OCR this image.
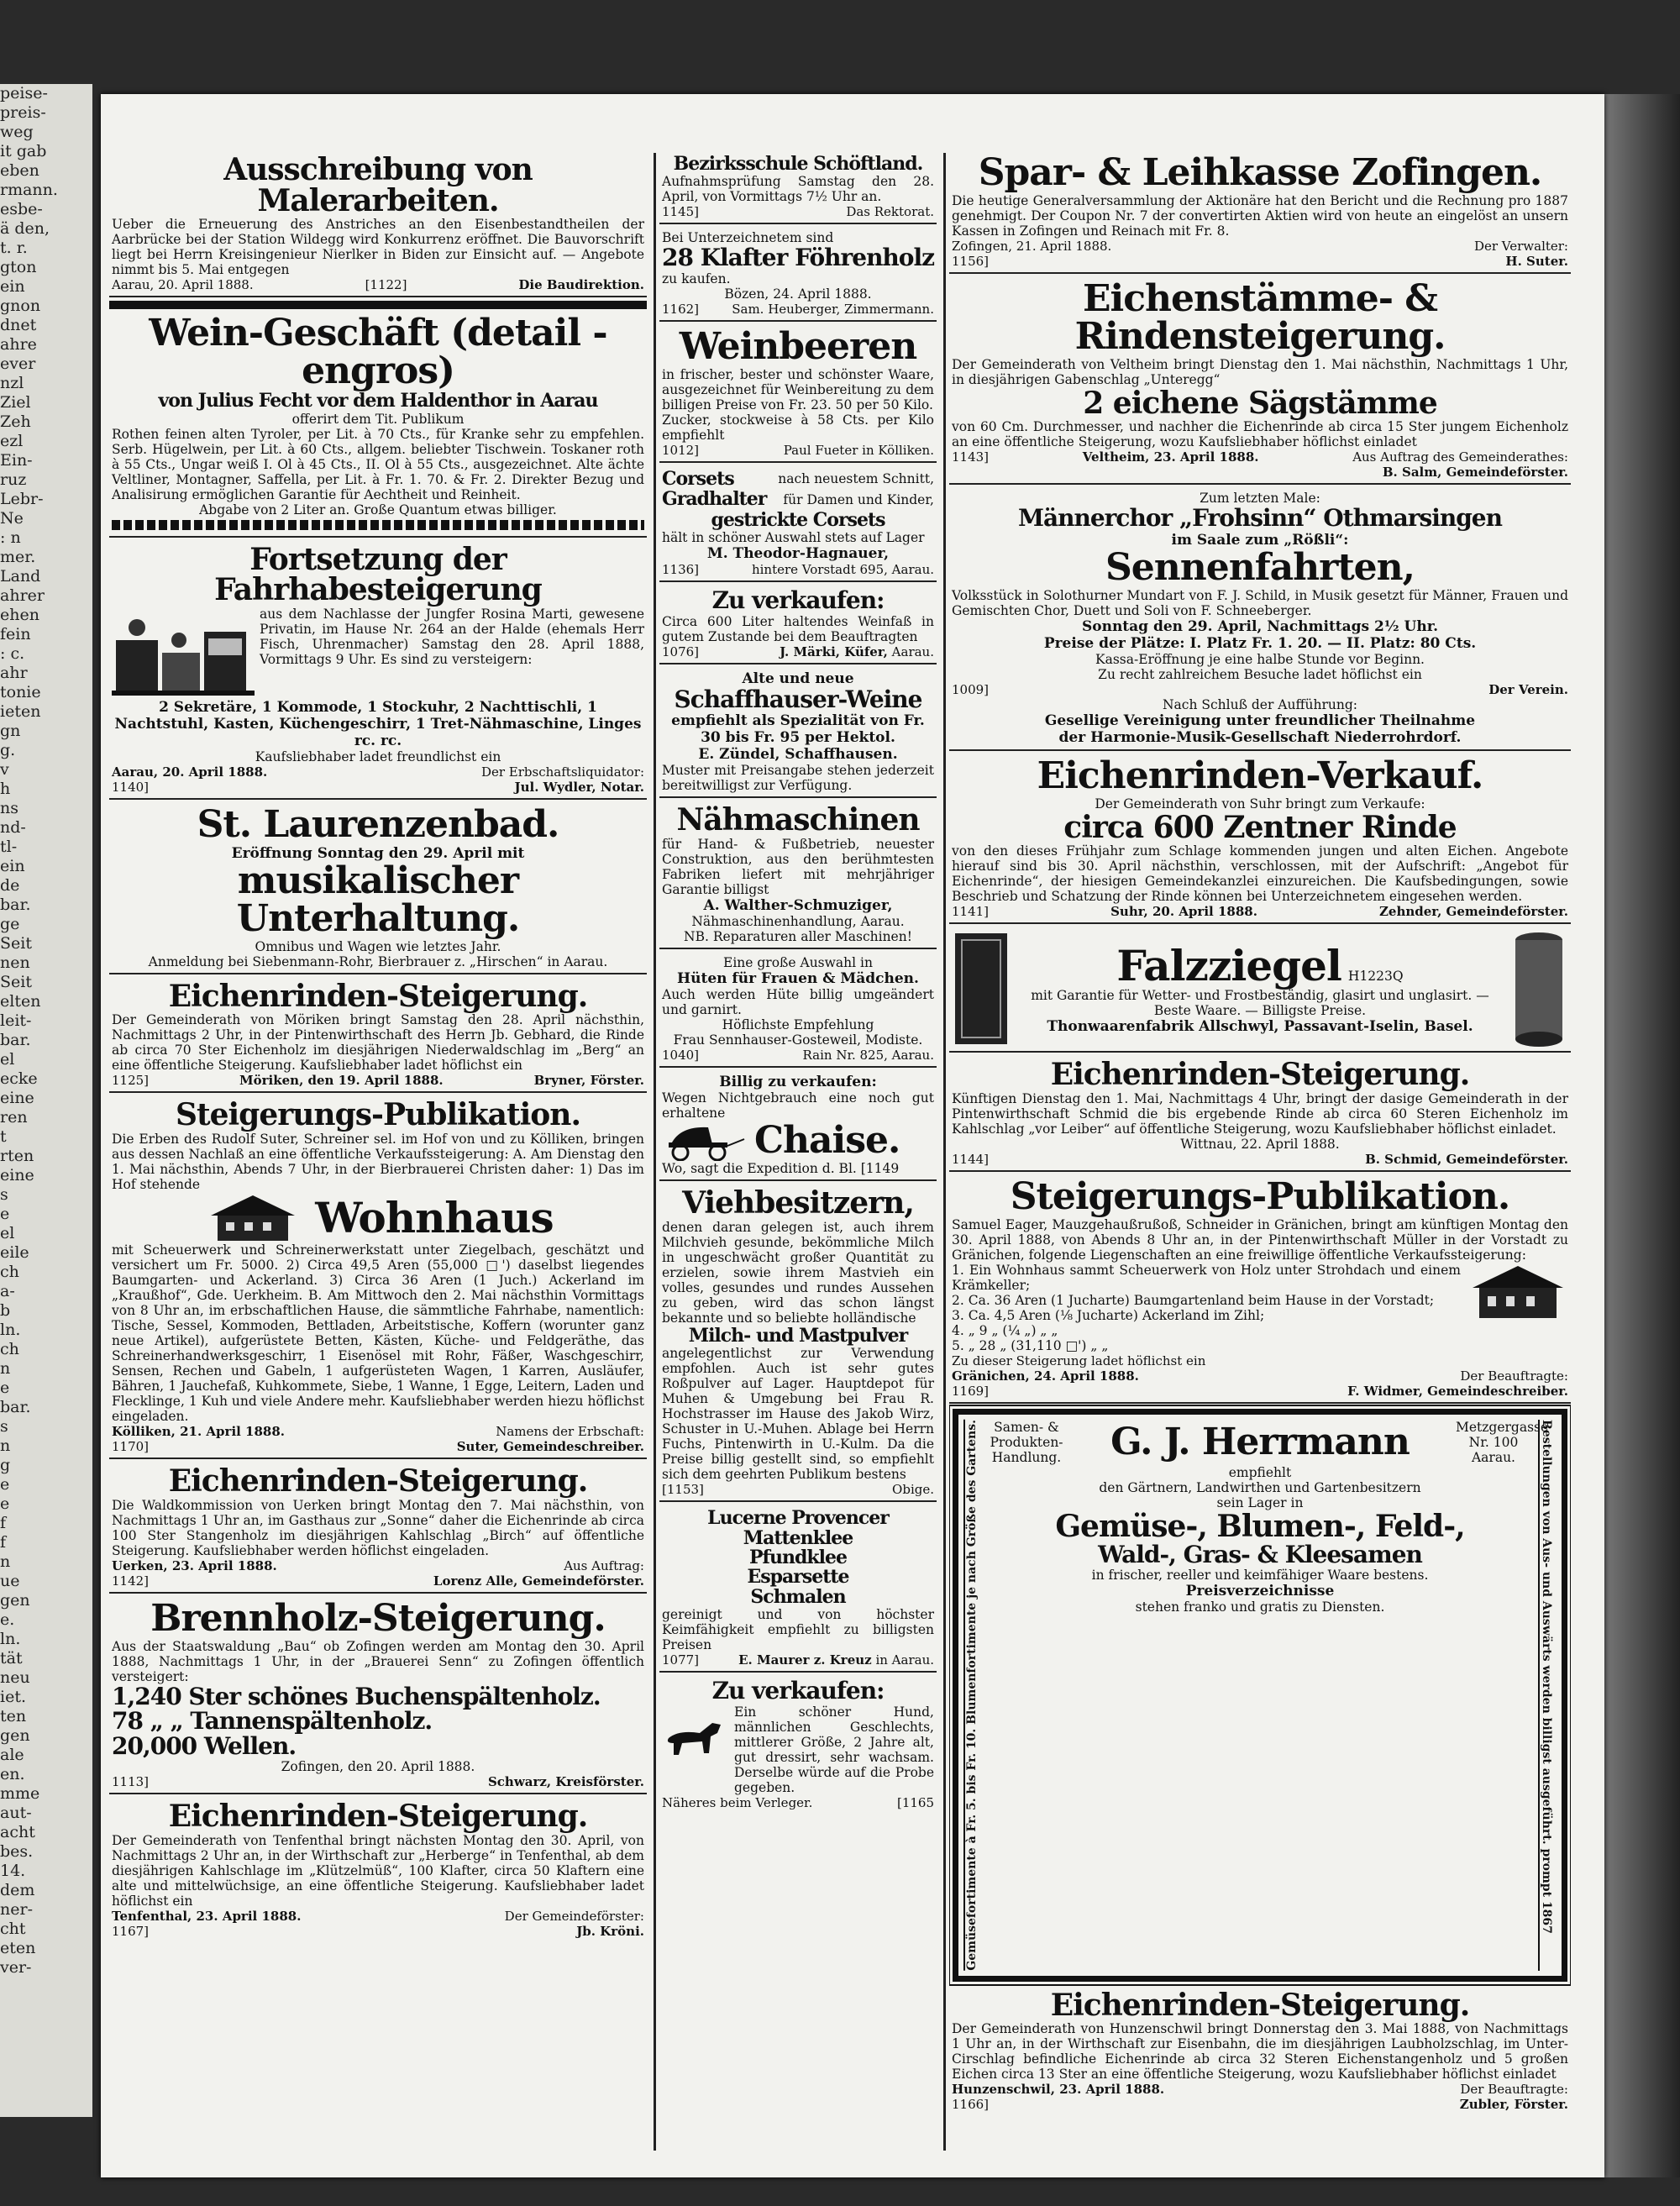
peise-
preis-
weg
it gab
eben
rmann.
esbe-
ä den,
t. r.
gton
ein
gnon
dnet
ahre
ever
nzl
Ziel
Zeh
ezl
Ein-
ruz
Lebr-
Ne
: n
mer.
Land
ahrer
ehen
fein
: c.
ahr
tonie
ieten
gn
g.
v
h
ns
nd-
tl-
ein
de
bar.
ge
Seit
nen
Seit
elten
leit-
bar.
el
ecke
eine
ren
t
rten
eine
s
e
el
eile
ch
a-
b
ln.
ch
n
e
bar.
s
n
g
e
e
f
f
n
ue
gen
e.
ln.
tät
neu
iet.
ten
gen
ale
en.
mme
aut-
acht
bes.
14.
dem
ner-
cht
eten
ver-
Ausschreibung von Malerarbeiten.
Ueber die Erneuerung des Anstriches an den Eisenbestandtheilen der Aarbrücke bei der Station Wildegg wird Konkurrenz eröffnet. Die Bauvorschrift liegt bei Herrn Kreisingenieur Nierlker in Biden zur Einsicht auf. — Angebote nimmt bis 5. Mai entgegen
Aarau, 20. April 1888.	[1122]	Die Baudirektion.
Wein-Geschäft (detail - engros)
von Julius Fecht vor dem Haldenthor in Aarau
offerirt dem Tit. Publikum
Rothen feinen alten Tyroler, per Lit. à 70 Cts., für Kranke sehr zu empfehlen. Serb. Hügelwein, per Lit. à 60 Cts., allgem. beliebter Tischwein. Toskaner roth à 55 Cts., Ungar weiß I. Ol à 45 Cts., II. Ol à 55 Cts., ausgezeichnet. Alte ächte Veltliner, Montagner, Saffella, per Lit. à Fr. 1. 70. & Fr. 2. Direkter Bezug und Analisirung ermöglichen Garantie für Aechtheit und Reinheit.
Abgabe von 2 Liter an. Große Quantum etwas billiger.
Fortsetzung der Fahrhabesteigerung
aus dem Nachlasse der Jungfer Rosina Marti, gewesene Privatin, im Hause Nr. 264 an der Halde (ehemals Herr Fisch, Uhrenmacher) Samstag den 28. April 1888, Vormittags 9 Uhr. Es sind zu versteigern:
2 Sekretäre, 1 Kommode, 1 Stockuhr, 2 Nachttischli, 1 Nachtstuhl, Kasten, Küchengeschirr, 1 Tret-Nähmaschine, Linges rc. rc.
Kaufsliebhaber ladet freundlichst ein
Aarau, 20. April 1888.	Der Erbschaftsliquidator:
1140]	Jul. Wydler, Notar.
St. Laurenzenbad.
Eröffnung Sonntag den 29. April mit
musikalischer Unterhaltung.
Omnibus und Wagen wie letztes Jahr.
Anmeldung bei Siebenmann-Rohr, Bierbrauer z. „Hirschen“ in Aarau.
Eichenrinden-Steigerung.
Der Gemeinderath von Möriken bringt Samstag den 28. April nächsthin, Nachmittags 2 Uhr, in der Pintenwirthschaft des Herrn Jb. Gebhard, die Rinde ab circa 70 Ster Eichenholz im diesjährigen Niederwaldschlag im „Berg“ an eine öffentliche Steigerung. Kaufsliebhaber ladet höflichst ein
1125]	Möriken, den 19. April 1888.	Bryner, Förster.
Steigerungs-Publikation.
Die Erben des Rudolf Suter, Schreiner sel. im Hof von und zu Kölliken, bringen aus dessen Nachlaß an eine öffentliche Verkaufssteigerung: A. Am Dienstag den 1. Mai nächsthin, Abends 7 Uhr, in der Bierbrauerei Christen daher: 1) Das im Hof stehende
Wohnhaus
mit Scheuerwerk und Schreinerwerkstatt unter Ziegelbach, geschätzt und versichert um Fr. 5000. 2) Circa 49,5 Aren (55,000 □') daselbst liegendes Baumgarten- und Ackerland. 3) Circa 36 Aren (1 Juch.) Ackerland im „Kraußhof“, Gde. Uerkheim. B. Am Mittwoch den 2. Mai nächsthin Vormittags von 8 Uhr an, im erbschaftlichen Hause, die sämmtliche Fahrhabe, namentlich: Tische, Sessel, Kommoden, Bettladen, Arbeitstische, Koffern (worunter ganz neue Artikel), aufgerüstete Betten, Kästen, Küche- und Feldgeräthe, das Schreinerhandwerksgeschirr, 1 Eisenösel mit Rohr, Fäßer, Waschgeschirr, Sensen, Rechen und Gabeln, 1 aufgerüsteten Wagen, 1 Karren, Ausläufer, Bähren, 1 Jauchefaß, Kuhkommete, Siebe, 1 Wanne, 1 Egge, Leitern, Laden und Flecklinge, 1 Kuh und viele Andere mehr. Kaufsliebhaber werden hiezu höflichst eingeladen.
Kölliken, 21. April 1888.	Namens der Erbschaft:
1170]	Suter, Gemeindeschreiber.
Eichenrinden-Steigerung.
Die Waldkommission von Uerken bringt Montag den 7. Mai nächsthin, von Nachmittags 1 Uhr an, im Gasthaus zur „Sonne“ daher die Eichenrinde ab circa 100 Ster Stangenholz im diesjährigen Kahlschlag „Birch“ auf öffentliche Steigerung. Kaufsliebhaber werden höflichst eingeladen.
Uerken, 23. April 1888.	Aus Auftrag:
1142]	Lorenz Alle, Gemeindeförster.
Brennholz-Steigerung.
Aus der Staatswaldung „Bau“ ob Zofingen werden am Montag den 30. April 1888, Nachmittags 1 Uhr, in der „Brauerei Senn“ zu Zofingen öffentlich versteigert:
1,240 Ster schönes Buchenspältenholz.
78 „ „ Tannenspältenholz.
20,000 Wellen.
Zofingen, den 20. April 1888.
1113]	Schwarz, Kreisförster.
Eichenrinden-Steigerung.
Der Gemeinderath von Tenfenthal bringt nächsten Montag den 30. April, von Nachmittags 2 Uhr an, in der Wirthschaft zur „Herberge“ in Tenfenthal, ab dem diesjährigen Kahlschlage im „Klützelmüß“, 100 Klafter, circa 50 Klaftern eine alte und mittelwüchsige, an eine öffentliche Steigerung. Kaufsliebhaber ladet höflichst ein
Tenfenthal, 23. April 1888.	Der Gemeindeförster:
1167]	Jb. Kröni.
Bezirksschule Schöftland.
Aufnahmsprüfung Samstag den 28. April, von Vormittags 7½ Uhr an.
1145]	Das Rektorat.
Bei Unterzeichnetem sind
28 Klafter Föhrenholz
zu kaufen.
Bözen, 24. April 1888.
1162]	Sam. Heuberger, Zimmermann.
Weinbeeren
in frischer, bester und schönster Waare, ausgezeichnet für Weinbereitung zu dem billigen Preise von Fr. 23. 50 per 50 Kilo.
Zucker, stockweise à 58 Cts. per Kilo empfiehlt
1012]	Paul Fueter in Kölliken.
Corsets	nach neuestem Schnitt,
Gradhalter für Damen und Kinder,
gestrickte Corsets
hält in schöner Auswahl stets auf Lager
M. Theodor-Hagnauer,
1136]	hintere Vorstadt 695, Aarau.
Zu verkaufen:
Circa 600 Liter haltendes Weinfaß in gutem Zustande bei dem Beauftragten
1076]	J. Märki, Küfer, Aarau.
Alte und neue
Schaffhauser-Weine
empfiehlt als Spezialität von Fr. 30 bis Fr. 95 per Hektol.
E. Zündel, Schaffhausen.
Muster mit Preisangabe stehen jederzeit bereitwilligst zur Verfügung.
Nähmaschinen
für Hand- & Fußbetrieb, neuester Construktion, aus den berühmtesten Fabriken liefert mit mehrjähriger Garantie billigst
A. Walther-Schmuziger,
Nähmaschinenhandlung, Aarau.
NB. Reparaturen aller Maschinen!
Eine große Auswahl in
Hüten für Frauen & Mädchen.
Auch werden Hüte billig umgeändert und garnirt.
Höflichste Empfehlung
Frau Sennhauser-Gosteweil, Modiste.
1040]	Rain Nr. 825, Aarau.
Billig zu verkaufen:
Wegen Nichtgebrauch eine noch gut erhaltene
Chaise.
Wo, sagt die Expedition d. Bl. [1149
Viehbesitzern,
denen daran gelegen ist, auch ihrem Milchvieh gesunde, bekömmliche Milch in ungeschwächt großer Quantität zu erzielen, sowie ihrem Mastvieh ein volles, gesundes und rundes Aussehen zu geben, wird das schon längst bekannte und so beliebte holländische
Milch- und Mastpulver
angelegentlichst zur Verwendung empfohlen. Auch ist sehr gutes Roßpulver auf Lager. Hauptdepot für Muhen & Umgebung bei Frau R. Hochstrasser im Hause des Jakob Wirz, Schuster in U.-Muhen. Ablage bei Herrn Fuchs, Pintenwirth in U.-Kulm. Da die Preise billig gestellt sind, so empfiehlt sich dem geehrten Publikum bestens
[1153]	Obige.
Lucerne Provencer
Mattenklee
Pfundklee
Esparsette
Schmalen
gereinigt und von höchster Keimfähigkeit empfiehlt zu billigsten Preisen
1077]	E. Maurer z. Kreuz in Aarau.
Zu verkaufen:
Ein schöner Hund, männlichen Geschlechts, mittlerer Größe, 2 Jahre alt, gut dressirt, sehr wachsam. Derselbe würde auf die Probe gegeben.
Näheres beim Verleger.	[1165
Spar- & Leihkasse Zofingen.
Die heutige Generalversammlung der Aktionäre hat den Bericht und die Rechnung pro 1887 genehmigt. Der Coupon Nr. 7 der convertirten Aktien wird von heute an eingelöst an unsern Kassen in Zofingen und Reinach mit Fr. 8.
Zofingen, 21. April 1888.	Der Verwalter:
1156]	H. Suter.
Eichenstämme- & Rindensteigerung.
Der Gemeinderath von Veltheim bringt Dienstag den 1. Mai nächsthin, Nachmittags 1 Uhr, in diesjährigen Gabenschlag „Unteregg“
2 eichene Sägstämme
von 60 Cm. Durchmesser, und nachher die Eichenrinde ab circa 15 Ster jungem Eichenholz an eine öffentliche Steigerung, wozu Kaufsliebhaber höflichst einladet
1143]	Veltheim, 23. April 1888.	Aus Auftrag des Gemeinderathes:
B. Salm, Gemeindeförster.
Zum letzten Male:
Männerchor „Frohsinn“ Othmarsingen
im Saale zum „Rößli“:
Sennenfahrten,
Volksstück in Solothurner Mundart von F. J. Schild, in Musik gesetzt für Männer, Frauen und Gemischten Chor, Duett und Soli von F. Schneeberger.
Sonntag den 29. April, Nachmittags 2½ Uhr.
Preise der Plätze: I. Platz Fr. 1. 20. — II. Platz: 80 Cts.
Kassa-Eröffnung je eine halbe Stunde vor Beginn.
Zu recht zahlreichem Besuche ladet höflichst ein
1009]	Der Verein.
Nach Schluß der Aufführung:
Gesellige Vereinigung unter freundlicher Theilnahme
der Harmonie-Musik-Gesellschaft Niederrohrdorf.
Eichenrinden-Verkauf.
Der Gemeinderath von Suhr bringt zum Verkaufe:
circa 600 Zentner Rinde
von den dieses Frühjahr zum Schlage kommenden jungen und alten Eichen. Angebote hierauf sind bis 30. April nächsthin, verschlossen, mit der Aufschrift: „Angebot für Eichenrinde“, der hiesigen Gemeindekanzlei einzureichen. Die Kaufsbedingungen, sowie Beschrieb und Schatzung der Rinde können bei Unterzeichnetem eingesehen werden.
1141]	Suhr, 20. April 1888.	Zehnder, Gemeindeförster.
Falzziegel H1223Q
mit Garantie für Wetter- und Frostbeständig, glasirt und unglasirt. — Beste Waare. — Billigste Preise.
Thonwaarenfabrik Allschwyl, Passavant-Iselin, Basel.
Eichenrinden-Steigerung.
Künftigen Dienstag den 1. Mai, Nachmittags 4 Uhr, bringt der dasige Gemeinderath in der Pintenwirthschaft Schmid die bis ergebende Rinde ab circa 60 Steren Eichenholz im Kahlschlag „vor Leiber“ auf öffentliche Steigerung, wozu Kaufsliebhaber höflichst einladet.
Wittnau, 22. April 1888.
1144]	B. Schmid, Gemeindeförster.
Steigerungs-Publikation.
Samuel Eager, Mauzgehaußrußoß, Schneider in Gränichen, bringt am künftigen Montag den 30. April 1888, von Abends 8 Uhr an, in der Pintenwirthschaft Müller in der Vorstadt zu Gränichen, folgende Liegenschaften an eine freiwillige öffentliche Verkaufssteigerung:
1. Ein Wohnhaus sammt Scheuerwerk von Holz unter Strohdach und einem Krämkeller;
2. Ca. 36 Aren (1 Jucharte) Baumgartenland beim Hause in der Vorstadt;
3. Ca. 4,5 Aren (⅛ Jucharte) Ackerland im Zihl;
4. „ 9 „ (¼ „) „ „
5. „ 28 „ (31,110 □') „ „
Zu dieser Steigerung ladet höflichst ein
Gränichen, 24. April 1888.	Der Beauftragte:
1169]	F. Widmer, Gemeindeschreiber.
Gemüsefortimente à Fr. 5. bis Fr. 10. Blumenfortimente je nach Größe des Gartens.	Samen- & Produkten-Handlung. G. J. Herrmann	Metzgergasse Nr. 100 Aarau.
empfiehlt
den Gärtnern, Landwirthen und Gartenbesitzern
sein Lager in
Gemüse-, Blumen-, Feld-,
Wald-, Gras- & Kleesamen
in frischer, reeller und keimfähiger Waare bestens.
Preisverzeichnisse
stehen franko und gratis zu Diensten.	Bestellungen von Aus- und Auswärts werden billigst ausgeführt. prompt 1867
Eichenrinden-Steigerung.
Der Gemeinderath von Hunzenschwil bringt Donnerstag den 3. Mai 1888, von Nachmittags 1 Uhr an, in der Wirthschaft zur Eisenbahn, die im diesjährigen Laubholzschlag, im Unter-Cirschlag befindliche Eichenrinde ab circa 32 Steren Eichenstangenholz und 5 großen Eichen circa 13 Ster an eine öffentliche Steigerung, wozu Kaufsliebhaber höflichst einladet
Hunzenschwil, 23. April 1888.	Der Beauftragte:
1166]	Zubler, Förster.
